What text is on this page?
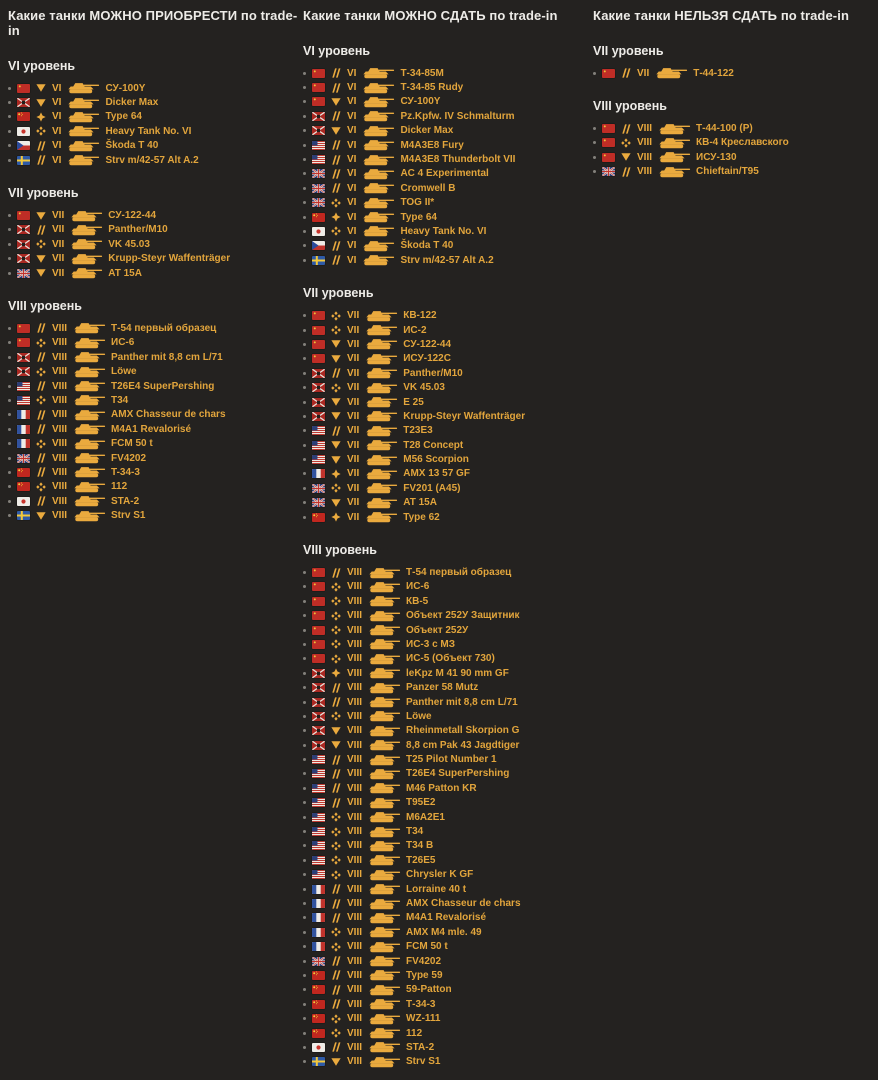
Какие танки МОЖНО ПРИОБРЕСТИ по trade-in
VI уровень
VI	СУ-100Y
VI	Dicker Max
VI	Type 64
VI	Heavy Tank No. VI
VI	Škoda T 40
VI	Strv m/42-57 Alt A.2
VII уровень
VII	СУ-122-44
VII	Panther/M10
VII	VK 45.03
VII	Krupp-Steyr Waffenträger
VII	AT 15A
VIII уровень
VIII	Т-54 первый образец
VIII	ИС-6
VIII	Panther mit 8,8 cm L/71
VIII	Löwe
VIII	T26E4 SuperPershing
VIII	T34
VIII	AMX Chasseur de chars
VIII	M4A1 Revalorisé
VIII	FCM 50 t
VIII	FV4202
VIII	T-34-3
VIII	112
VIII	STA-2
VIII	Strv S1
Какие танки МОЖНО СДАТЬ по trade-in
VI уровень
VI	Т-34-85М
VI	Т-34-85 Rudy
VI	СУ-100Y
VI	Pz.Kpfw. IV Schmalturm
VI	Dicker Max
VI	M4A3E8 Fury
VI	M4A3E8 Thunderbolt VII
VI	AC 4 Experimental
VI	Cromwell B
VI	TOG II*
VI	Type 64
VI	Heavy Tank No. VI
VI	Škoda T 40
VI	Strv m/42-57 Alt A.2
VII уровень
VII	КВ-122
VII	ИС-2
VII	СУ-122-44
VII	ИСУ-122С
VII	Panther/M10
VII	VK 45.03
VII	E 25
VII	Krupp-Steyr Waffenträger
VII	T23E3
VII	T28 Concept
VII	M56 Scorpion
VII	AMX 13 57 GF
VII	FV201 (A45)
VII	AT 15A
VII	Type 62
VIII уровень
VIII	Т-54 первый образец
VIII	ИС-6
VIII	КВ-5
VIII	Объект 252У Защитник
VIII	Объект 252У
VIII	ИС-3 с МЗ
VIII	ИС-5 (Объект 730)
VIII	leKpz M 41 90 mm GF
VIII	Panzer 58 Mutz
VIII	Panther mit 8,8 cm L/71
VIII	Löwe
VIII	Rheinmetall Skorpion G
VIII	8,8 cm Pak 43 Jagdtiger
VIII	T25 Pilot Number 1
VIII	T26E4 SuperPershing
VIII	M46 Patton KR
VIII	T95E2
VIII	M6A2E1
VIII	T34
VIII	T34 B
VIII	T26E5
VIII	Chrysler K GF
VIII	Lorraine 40 t
VIII	AMX Chasseur de chars
VIII	M4A1 Revalorisé
VIII	AMX M4 mle. 49
VIII	FCM 50 t
VIII	FV4202
VIII	Type 59
VIII	59-Patton
VIII	Т-34-3
VIII	WZ-111
VIII	112
VIII	STA-2
VIII	Strv S1
Какие танки НЕЛЬЗЯ СДАТЬ по trade-in
VII уровень
VII	Т-44-122
VIII уровень
VIII	Т-44-100 (Р)
VIII	КВ-4 Креславского
VIII	ИСУ-130
VIII	Chieftain/T95
